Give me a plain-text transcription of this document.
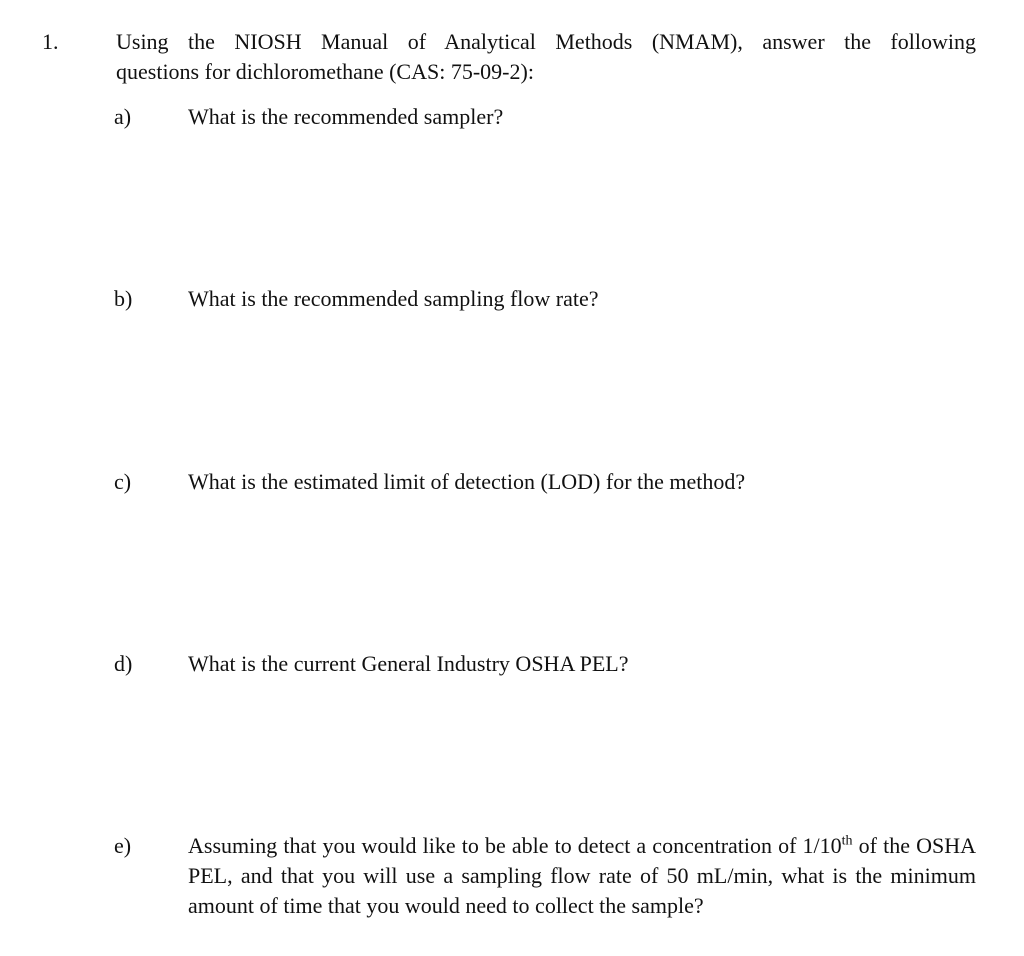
1.	Using the NIOSH Manual of Analytical Methods (NMAM), answer the following
questions for dichloromethane (CAS: 75-09-2):
a)	What is the recommended sampler?
b)	What is the recommended sampling flow rate?
c)	What is the estimated limit of detection (LOD) for the method?
d)	What is the current General Industry OSHA PEL?
e)	Assuming that you would like to be able to detect a concentration of 1/10th of the OSHA PEL, and that you will use a sampling flow rate of 50 mL/min, what is the minimum amount of time that you would need to collect the sample?
